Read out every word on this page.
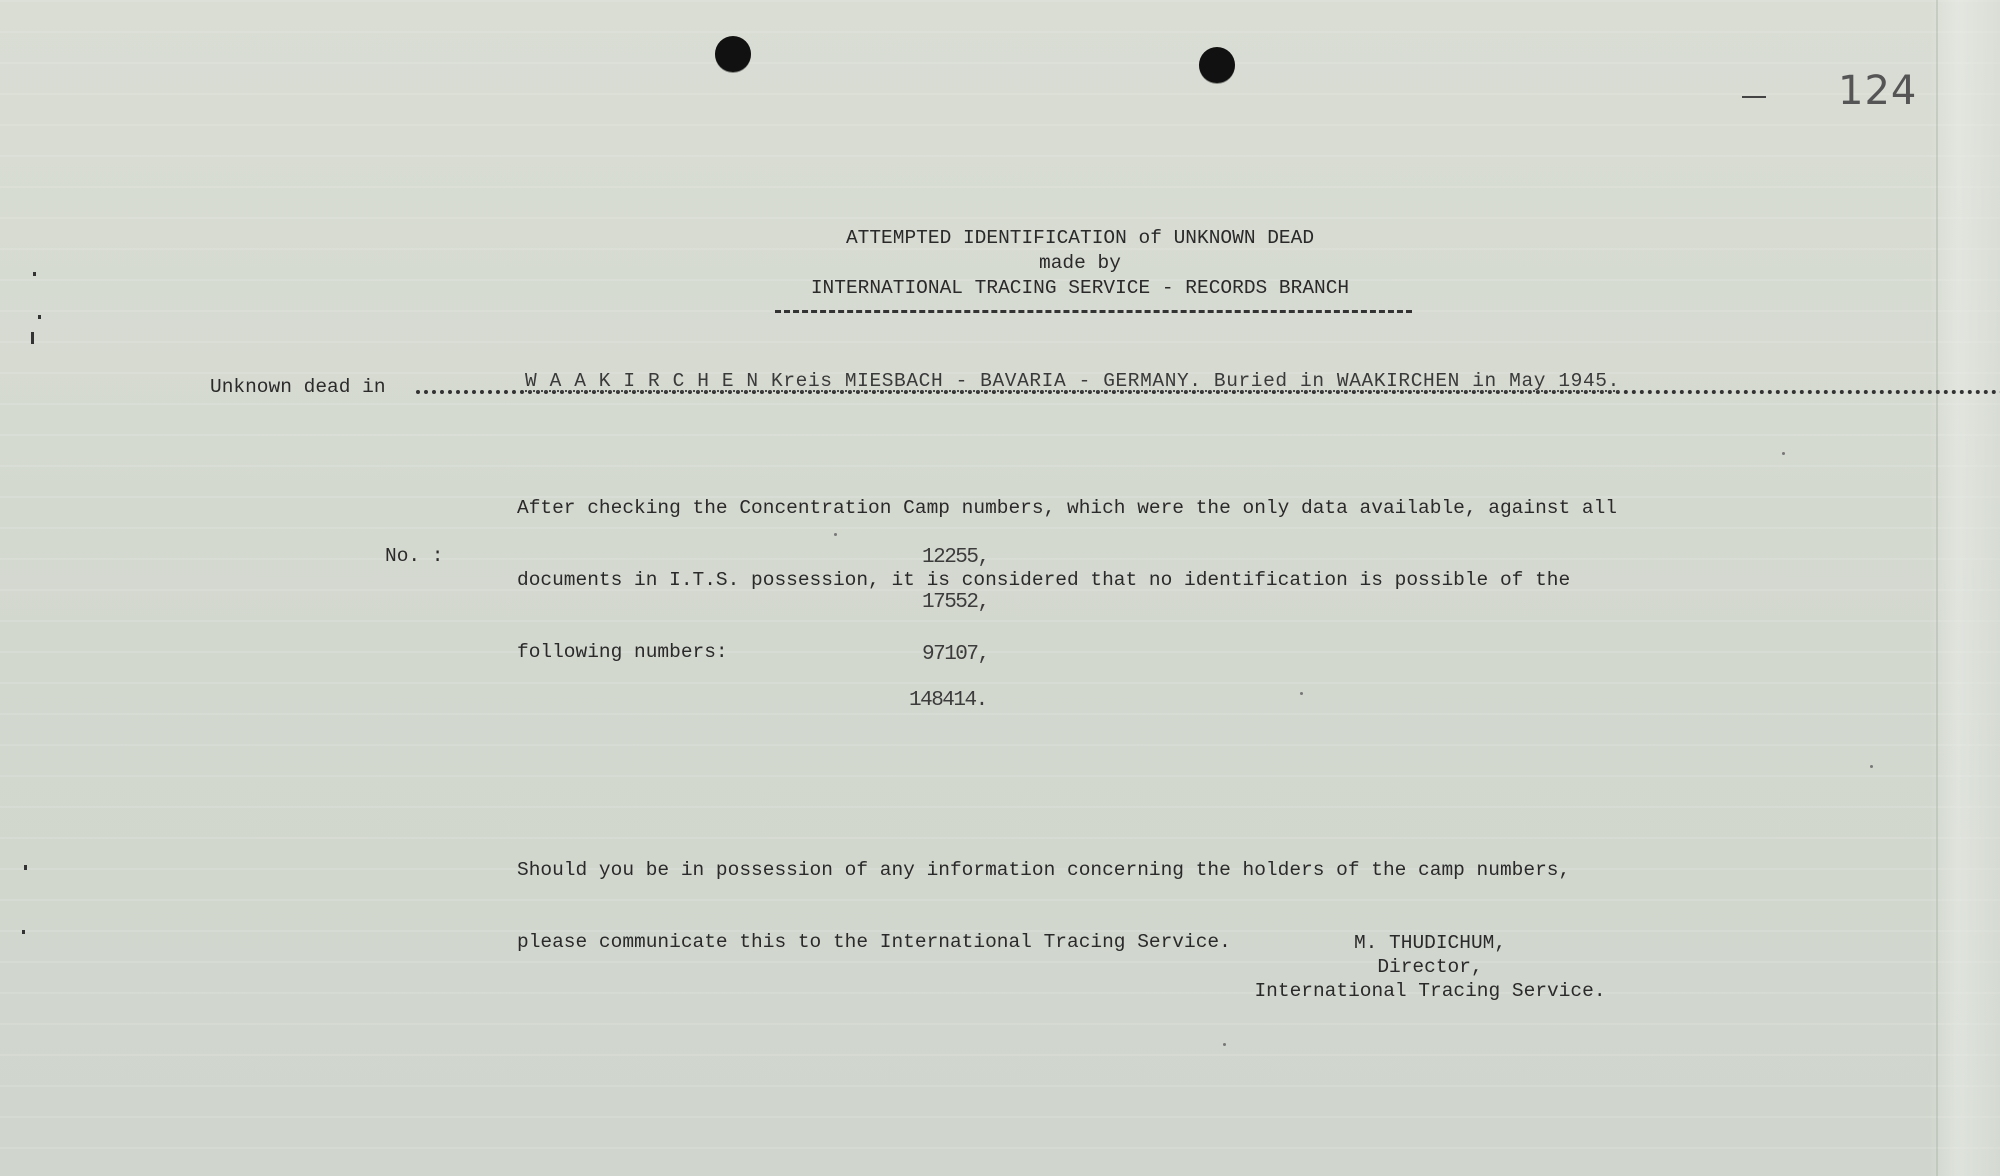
124
ATTEMPTED IDENTIFICATION of UNKNOWN DEAD
made by
INTERNATIONAL TRACING SERVICE - RECORDS BRANCH
Unknown dead in	W A A K I R C H E N Kreis MIESBACH - BAVARIA - GERMANY. Buried in WAAKIRCHEN in May 1945.

After checking the Concentration Camp numbers, which were the only data available, against all

documents in I.T.S. possession, it is considered that no identification is possible of the

following numbers:

No. :	12255,
17552,
97107,
148414.

Should you be in possession of any information concerning the holders of the camp numbers,

please communicate this to the International Tracing Service.

	M. THUDICHUM,
Director,
International Tracing Service.
